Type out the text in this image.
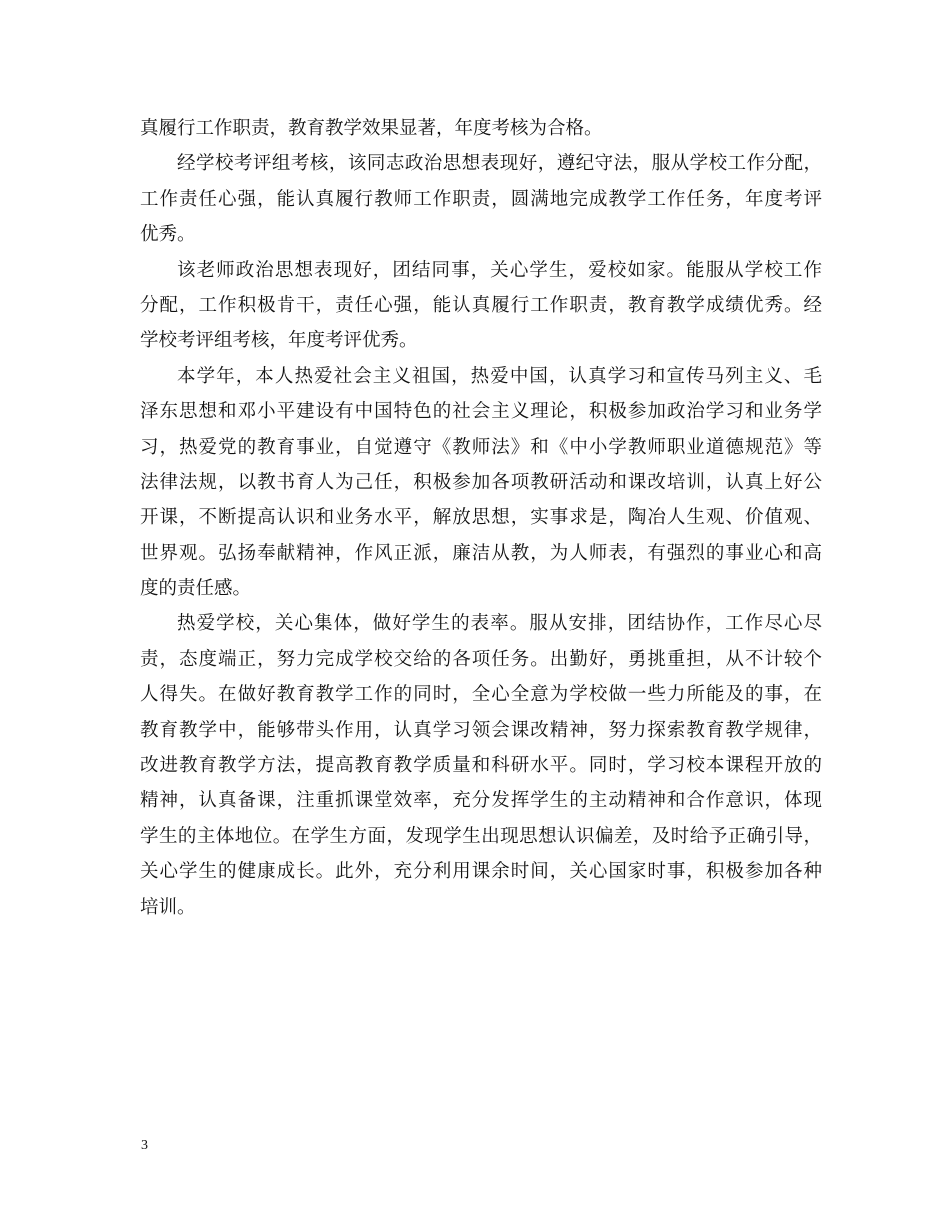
真履行工作职责，教育教学效果显著，年度考核为合格。
经学校考评组考核，该同志政治思想表现好，遵纪守法，服从学校工作分配，
工作责任心强，能认真履行教师工作职责，圆满地完成教学工作任务，年度考评
优秀。
该老师政治思想表现好，团结同事，关心学生，爱校如家。能服从学校工作
分配，工作积极肯干，责任心强，能认真履行工作职责，教育教学成绩优秀。经
学校考评组考核，年度考评优秀。
本学年，本人热爱社会主义祖国，热爱中国，认真学习和宣传马列主义、毛
泽东思想和邓小平建设有中国特色的社会主义理论，积极参加政治学习和业务学
习，热爱党的教育事业，自觉遵守《教师法》和《中小学教师职业道德规范》等
法律法规，以教书育人为己任，积极参加各项教研活动和课改培训，认真上好公
开课，不断提高认识和业务水平，解放思想，实事求是，陶冶人生观、价值观、
世界观。弘扬奉献精神，作风正派，廉洁从教，为人师表，有强烈的事业心和高
度的责任感。
热爱学校，关心集体，做好学生的表率。服从安排，团结协作，工作尽心尽
责，态度端正，努力完成学校交给的各项任务。出勤好，勇挑重担，从不计较个
人得失。在做好教育教学工作的同时，全心全意为学校做一些力所能及的事，在
教育教学中，能够带头作用，认真学习领会课改精神，努力探索教育教学规律，
改进教育教学方法，提高教育教学质量和科研水平。同时，学习校本课程开放的
精神，认真备课，注重抓课堂效率，充分发挥学生的主动精神和合作意识，体现
学生的主体地位。在学生方面，发现学生出现思想认识偏差，及时给予正确引导，
关心学生的健康成长。此外，充分利用课余时间，关心国家时事，积极参加各种
培训。
3
